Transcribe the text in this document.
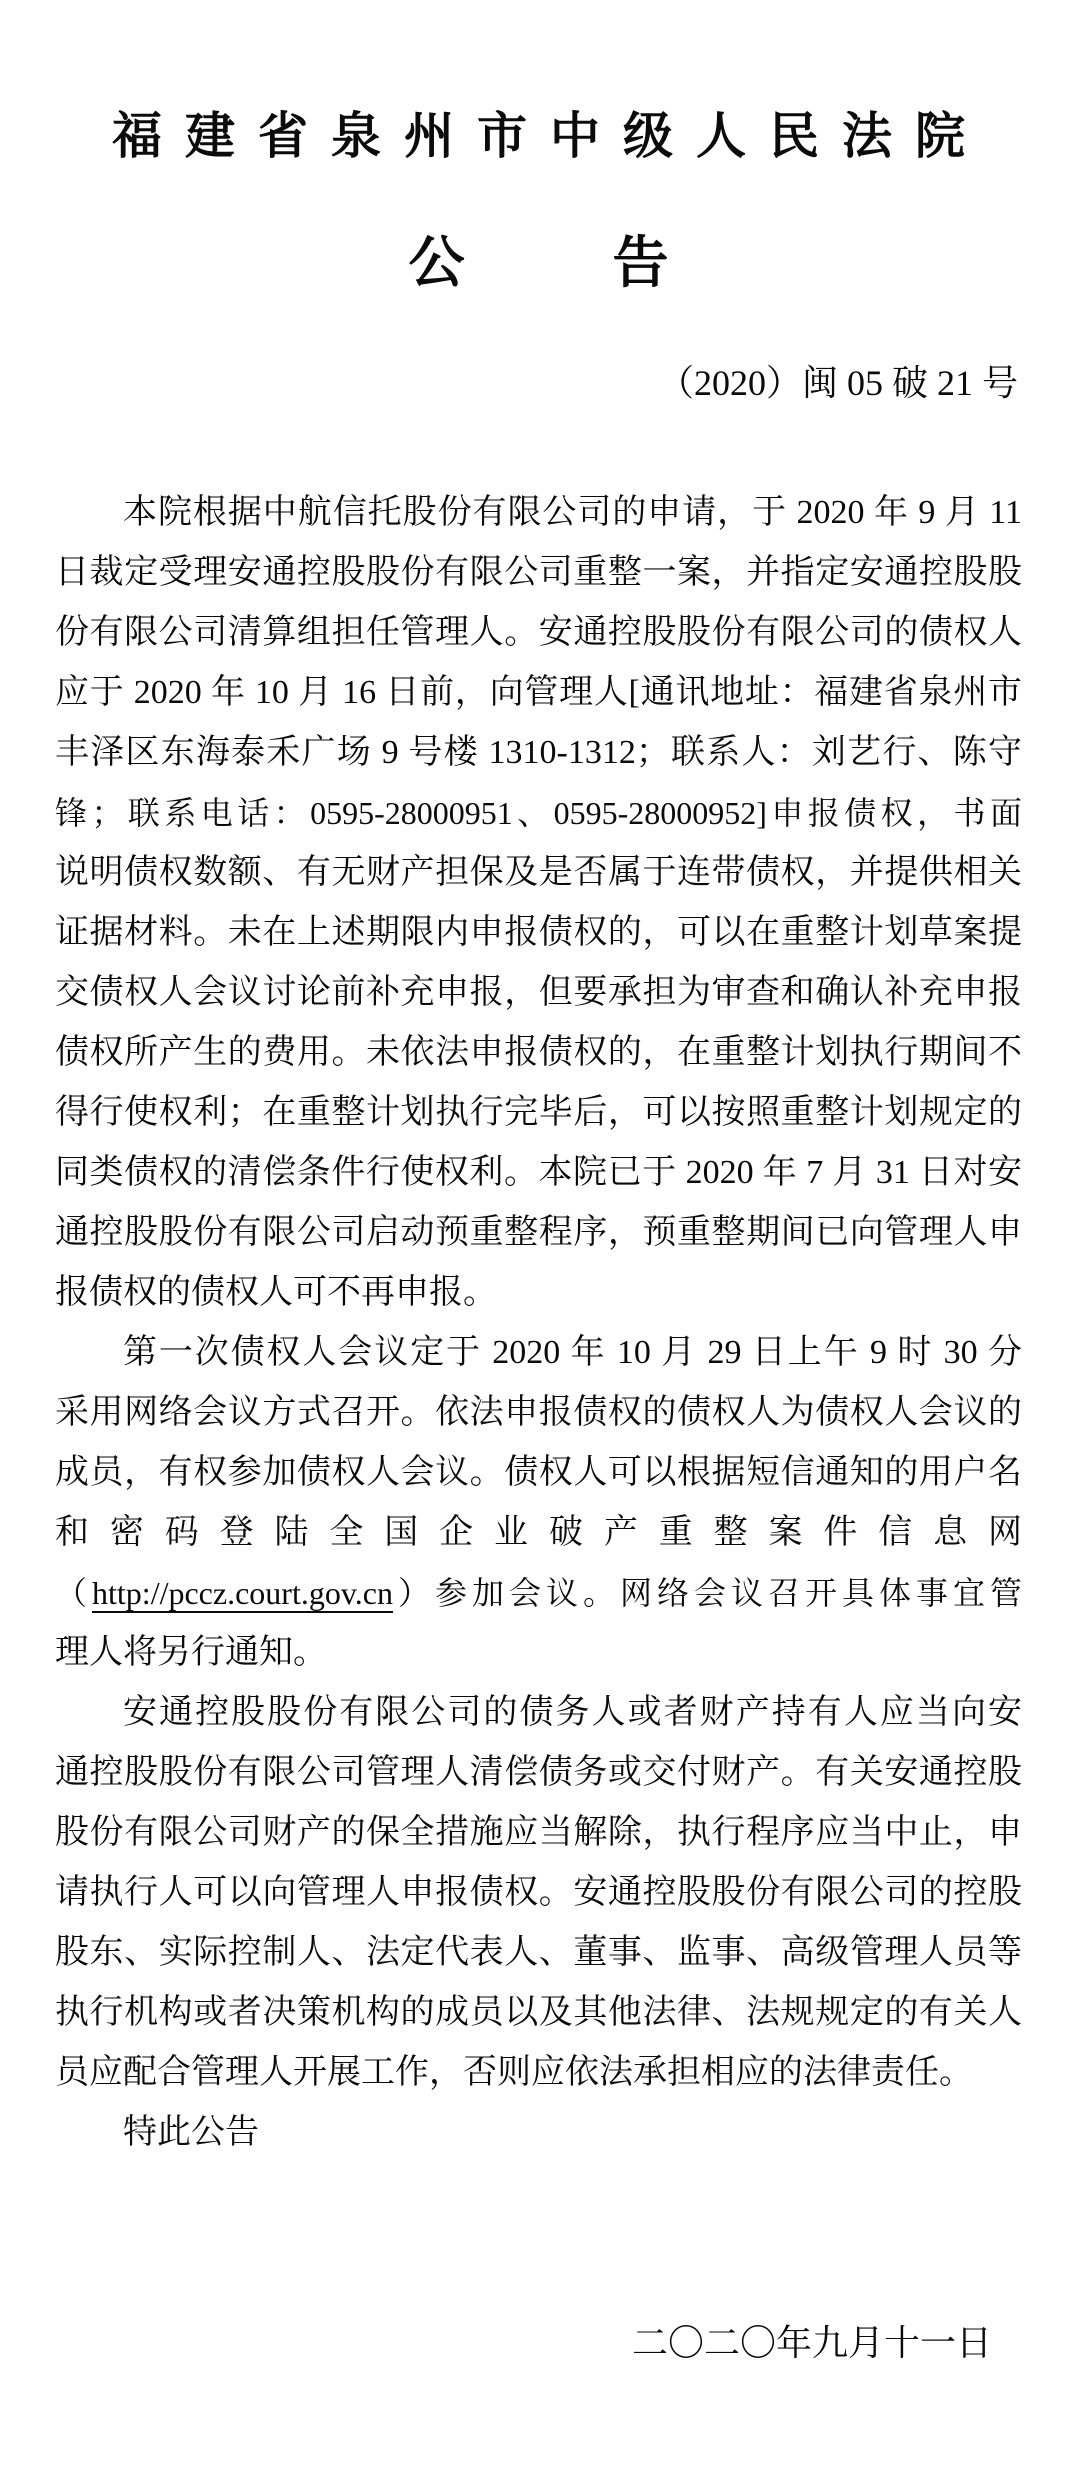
福建省泉州市中级人民法院
公告
（2020）闽 05 破 21 号
本院根据中航信托股份有限公司的申请，于 2020 年 9 月 11
日裁定受理安通控股股份有限公司重整一案，并指定安通控股股
份有限公司清算组担任管理人。安通控股股份有限公司的债权人
应于 2020 年 10 月 16 日前，向管理人[通讯地址：福建省泉州市
丰泽区东海泰禾广场 9 号楼 1310-1312；联系人：刘艺行、陈守
锋；联系电话：0595-28000951、0595-28000952]申报债权，书面
说明债权数额、有无财产担保及是否属于连带债权，并提供相关
证据材料。未在上述期限内申报债权的，可以在重整计划草案提
交债权人会议讨论前补充申报，但要承担为审查和确认补充申报
债权所产生的费用。未依法申报债权的，在重整计划执行期间不
得行使权利；在重整计划执行完毕后，可以按照重整计划规定的
同类债权的清偿条件行使权利。本院已于 2020 年 7 月 31 日对安
通控股股份有限公司启动预重整程序，预重整期间已向管理人申
报债权的债权人可不再申报。
第一次债权人会议定于 2020 年 10 月 29 日上午 9 时 30 分
采用网络会议方式召开。依法申报债权的债权人为债权人会议的
成员，有权参加债权人会议。债权人可以根据短信通知的用户名
和密码登陆全国企业破产重整案件信息网
（http://pccz.court.gov.cn）参加会议。网络会议召开具体事宜管
理人将另行通知。
安通控股股份有限公司的债务人或者财产持有人应当向安
通控股股份有限公司管理人清偿债务或交付财产。有关安通控股
股份有限公司财产的保全措施应当解除，执行程序应当中止，申
请执行人可以向管理人申报债权。安通控股股份有限公司的控股
股东、实际控制人、法定代表人、董事、监事、高级管理人员等
执行机构或者决策机构的成员以及其他法律、法规规定的有关人
员应配合管理人开展工作，否则应依法承担相应的法律责任。
特此公告
二〇二〇年九月十一日
